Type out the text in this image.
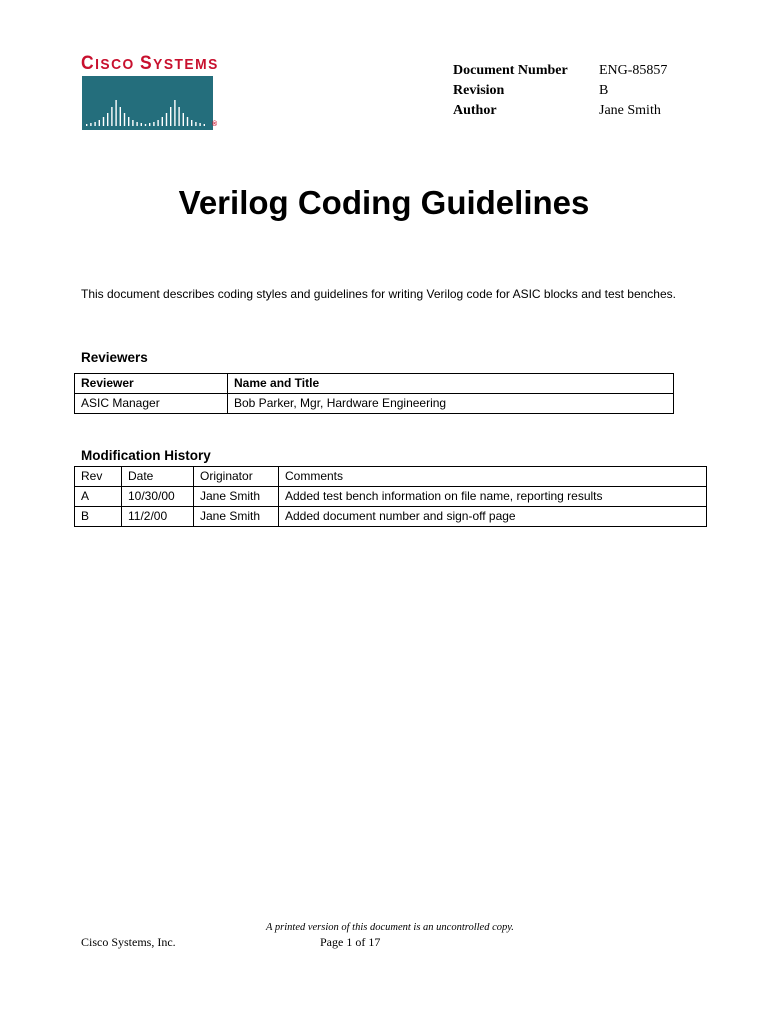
CISCO SYSTEMS
®
Document Number ENG-85857
Revision	B
Author	Jane Smith
Verilog Coding Guidelines
This document describes coding styles and guidelines for writing Verilog code for ASIC blocks and test benches.
Reviewers
Reviewer	Name and Title
ASIC Manager	Bob Parker, Mgr, Hardware Engineering
Modification History
Rev	Date	Originator	Comments
A	10/30/00	Jane Smith	Added test bench information on file name, reporting results
B	11/2/00	Jane Smith	Added document number and sign-off page
A printed version of this document is an uncontrolled copy.
Cisco Systems, Inc.	Page 1 of 17
